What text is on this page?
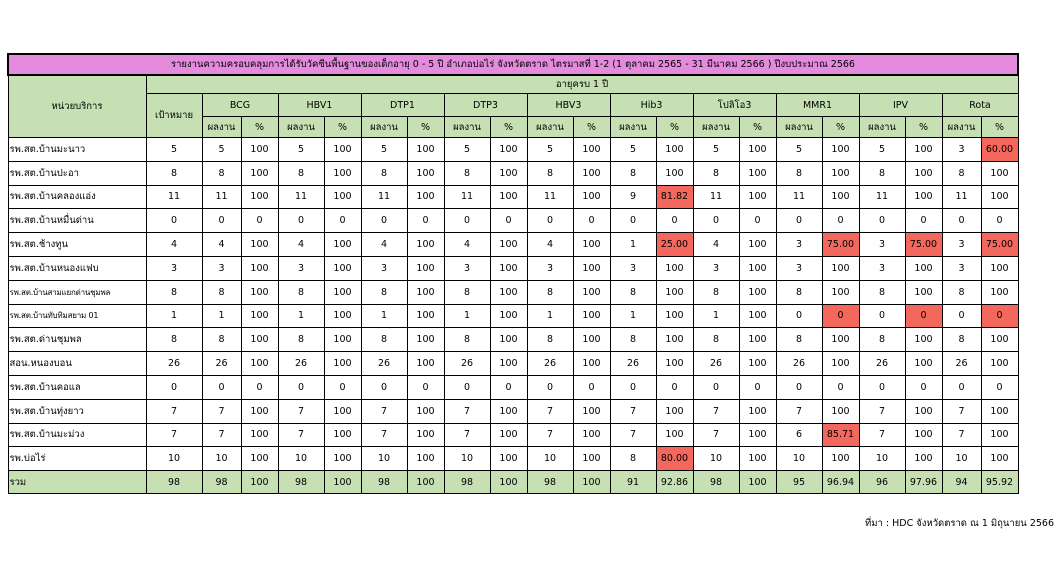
รายงานความครอบคลุมการได้รับวัคซีนพื้นฐานของเด็กอายุ 0 - 5 ปี อำเภอบ่อไร่ จังหวัดตราด ไตรมาสที่ 1-2 (1 ตุลาคม 2565 - 31 มีนาคม 2566 ) ปีงบประมาณ 2566																					
หน่วยบริการ	อายุครบ 1 ปี																				
	เป้าหมาย	BCG		HBV1		DTP1		DTP3		HBV3		Hib3		โปลิโอ3		MMR1		IPV		Rota	
		ผลงาน	%	ผลงาน	%	ผลงาน	%	ผลงาน	%	ผลงาน	%	ผลงาน	%	ผลงาน	%	ผลงาน	%	ผลงาน	%	ผลงาน	%
รพ.สต.บ้านมะนาว	5	5	100	5	100	5	100	5	100	5	100	5	100	5	100	5	100	5	100	3	60.00
รพ.สต.บ้านปะอา	8	8	100	8	100	8	100	8	100	8	100	8	100	8	100	8	100	8	100	8	100
รพ.สต.บ้านคลองแอ่ง	11	11	100	11	100	11	100	11	100	11	100	9	81.82	11	100	11	100	11	100	11	100
รพ.สต.บ้านหมื่นด่าน	0	0	0	0	0	0	0	0	0	0	0	0	0	0	0	0	0	0	0	0	0
รพ.สต.ช้างทูน	4	4	100	4	100	4	100	4	100	4	100	1	25.00	4	100	3	75.00	3	75.00	3	75.00
รพ.สต.บ้านหนองแฟบ	3	3	100	3	100	3	100	3	100	3	100	3	100	3	100	3	100	3	100	3	100
รพ.สต.บ้านสามแยกด่านชุมพล	8	8	100	8	100	8	100	8	100	8	100	8	100	8	100	8	100	8	100	8	100
รพ.สต.บ้านทับทิมสยาม 01	1	1	100	1	100	1	100	1	100	1	100	1	100	1	100	0	0	0	0	0	0
รพ.สต.ด่านชุมพล	8	8	100	8	100	8	100	8	100	8	100	8	100	8	100	8	100	8	100	8	100
สอน.หนองบอน	26	26	100	26	100	26	100	26	100	26	100	26	100	26	100	26	100	26	100	26	100
รพ.สต.บ้านคอแล	0	0	0	0	0	0	0	0	0	0	0	0	0	0	0	0	0	0	0	0	0
รพ.สต.บ้านทุ่งยาว	7	7	100	7	100	7	100	7	100	7	100	7	100	7	100	7	100	7	100	7	100
รพ.สต.บ้านมะม่วง	7	7	100	7	100	7	100	7	100	7	100	7	100	7	100	6	85.71	7	100	7	100
รพ.บ่อไร่	10	10	100	10	100	10	100	10	100	10	100	8	80.00	10	100	10	100	10	100	10	100
รวม	98	98	100	98	100	98	100	98	100	98	100	91	92.86	98	100	95	96.94	96	97.96	94	95.92
ที่มา : HDC จังหวัดตราด ณ 1 มิถุนายน 2566
